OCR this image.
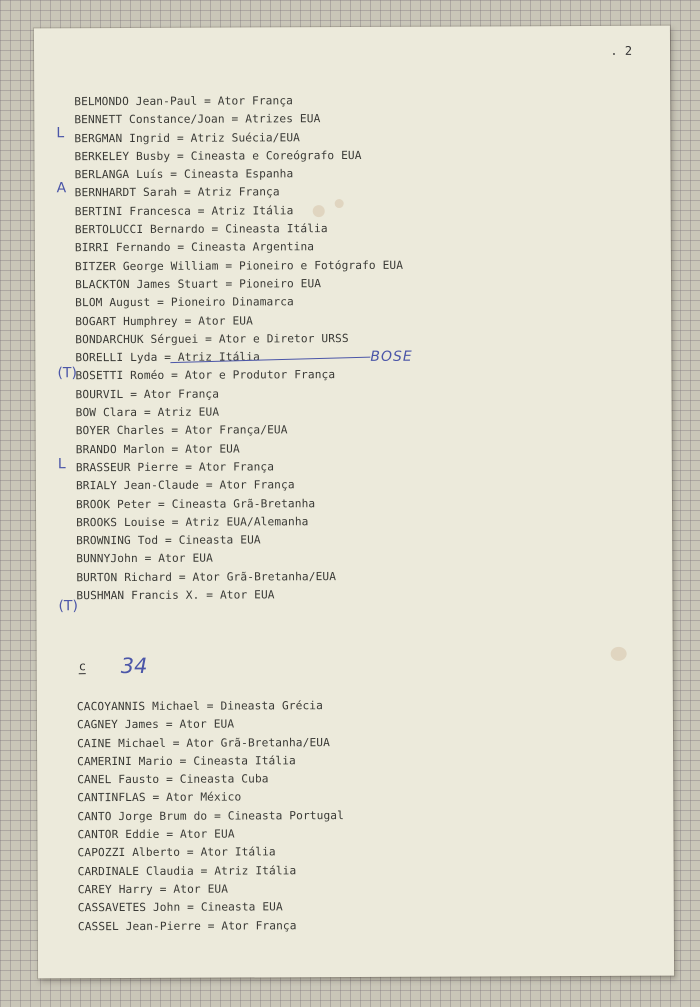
. 2
L
A
(T)
L
(T)
BELMONDO Jean-Paul = Ator França
BENNETT Constance/Joan = Atrizes EUA
BERGMAN Ingrid = Atriz Suécia/EUA
BERKELEY Busby = Cineasta e Coreógrafo EUA
BERLANGA Luís = Cineasta Espanha
BERNHARDT Sarah = Atriz França
BERTINI Francesca = Atriz Itália
BERTOLUCCI Bernardo = Cineasta Itália
BIRRI Fernando = Cineasta Argentina
BITZER George William = Pioneiro e Fotógrafo EUA
BLACKTON James Stuart = Pioneiro EUA
BLOM August = Pioneiro Dinamarca
BOGART Humphrey = Ator EUA
BONDARCHUK Sérguei = Ator e Diretor URSS
BORELLI Lyda = Atriz Itália
BOSETTI Roméo = Ator e Produtor França
BOURVIL = Ator França
BOW Clara = Atriz EUA
BOYER Charles = Ator França/EUA
BRANDO Marlon = Ator EUA
BRASSEUR Pierre = Ator França
BRIALY Jean-Claude = Ator França
BROOK Peter = Cineasta Grã-Bretanha
BROOKS Louise = Atriz EUA/Alemanha
BROWNING Tod = Cineasta EUA
BUNNYJohn = Ator EUA
BURTON Richard = Ator Grã-Bretanha/EUA
BUSHMAN Francis X. = Ator EUA
BOSE
c 34
CACOYANNIS Michael = Dineasta Grécia
CAGNEY James = Ator EUA
CAINE Michael = Ator Grã-Bretanha/EUA
CAMERINI Mario = Cineasta Itália
CANEL Fausto = Cineasta Cuba
CANTINFLAS = Ator México
CANTO Jorge Brum do = Cineasta Portugal
CANTOR Eddie = Ator EUA
CAPOZZI Alberto = Ator Itália
CARDINALE Claudia = Atriz Itália
CAREY Harry = Ator EUA
CASSAVETES John = Cineasta EUA
CASSEL Jean-Pierre = Ator França
